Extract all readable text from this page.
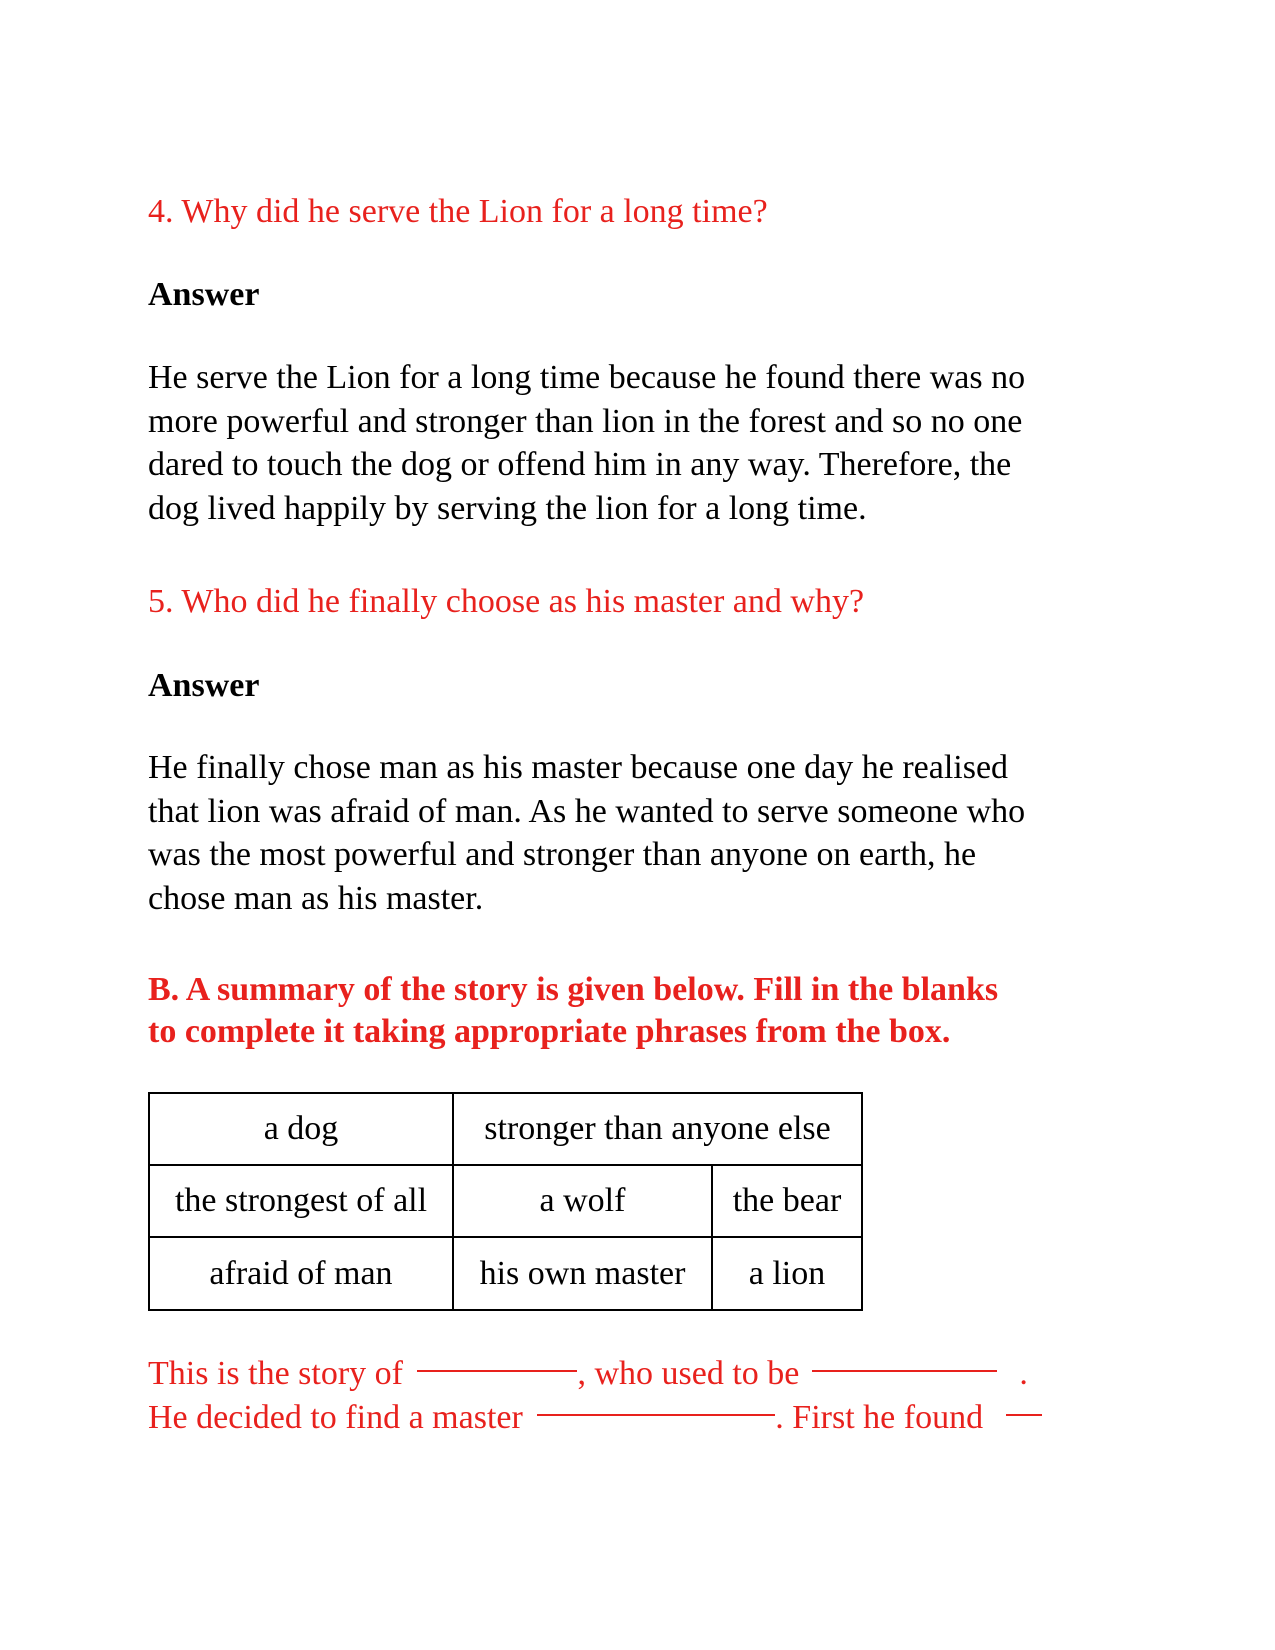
4. Why did he serve the Lion for a long time?

Answer

He serve the Lion for a long time because he found there was no
more powerful and stronger than lion in the forest and so no one
dared to touch the dog or offend him in any way. Therefore, the
dog lived happily by serving the lion for a long time.

5. Who did he finally choose as his master and why?

Answer

He finally chose man as his master because one day he realised
that lion was afraid of man. As he wanted to serve someone who
was the most powerful and stronger than anyone on earth, he
chose man as his master.
B. A summary of the story is given below. Fill in the blanks
to complete it taking appropriate phrases from the box.
a dog	stronger than anyone else
the strongest of all	a wolf	the bear
afraid of man	his own master	a lion
This is the story of	, who used to be	.
He decided to find a master	. First he found
